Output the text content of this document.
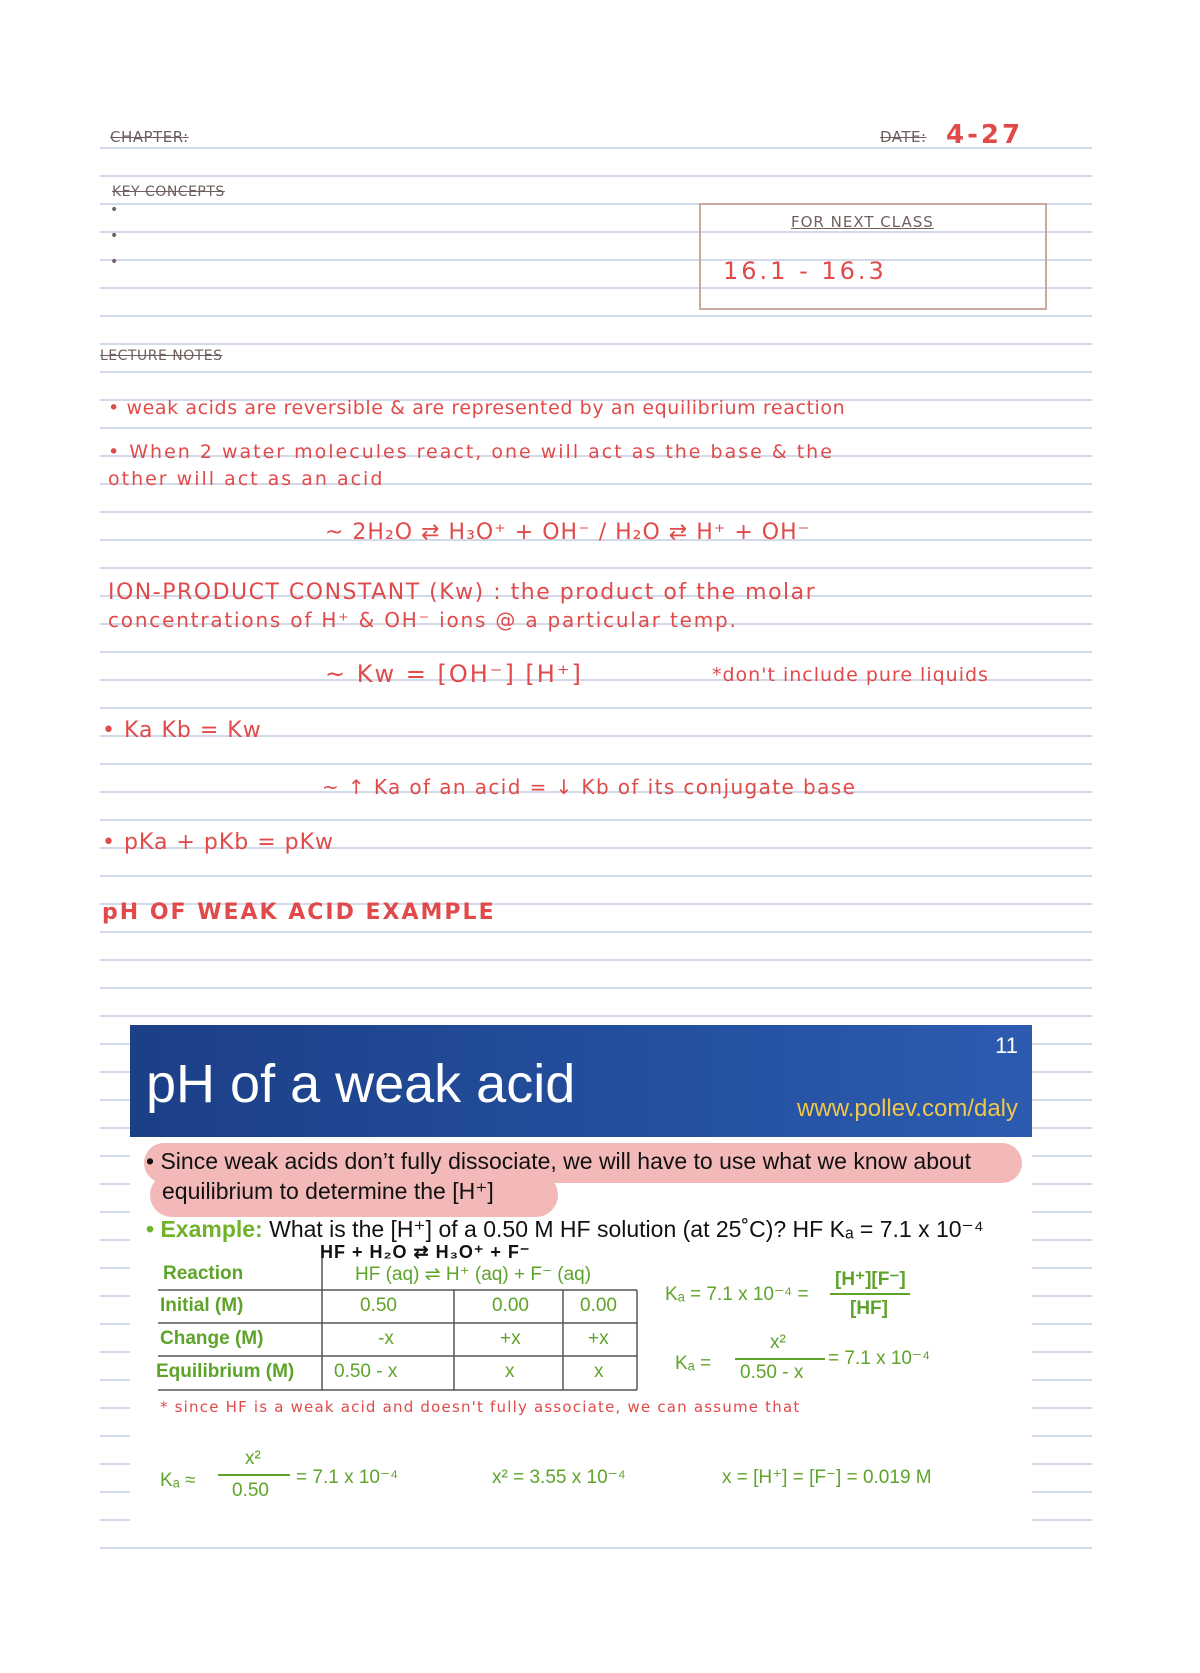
CHAPTER:	DATE: 4-27
KEY CONCEPTS
•
•
•
FOR NEXT CLASS
16.1 - 16.3
LECTURE NOTES
• weak acids are reversible & are represented by an equilibrium reaction
• When 2 water molecules react, one will act as the base & the
other will act as an acid
~ 2H₂O ⇄ H₃O⁺ + OH⁻ / H₂O ⇄ H⁺ + OH⁻
ION-PRODUCT CONSTANT (Kw) : the product of the molar
concentrations of H⁺ & OH⁻ ions @ a particular temp.
~ Kw = [OH⁻] [H⁺]	*don't include pure liquids
• Ka Kb = Kw
~ ↑ Ka of an acid = ↓ Kb of its conjugate base
• pKa + pKb = pKw
pH OF WEAK ACID EXAMPLE
pH of a weak acid
11
www.pollev.com/daly
• Since weak acids don’t fully dissociate, we will have to use what we know about
equilibrium to determine the [H⁺]
• Example: What is the [H⁺] of a 0.50 M HF solution (at 25˚C)? HF Kₐ = 7.1 x 10⁻⁴
HF + H₂O ⇄ H₃O⁺ + F⁻
Reaction	HF (aq) ⇌ H⁺ (aq) + F⁻ (aq)
Initial (M)	0.50	0.00	0.00
Change (M)	-x	+x	+x
Equilibrium (M) 0.50 - x	x	x
Kₐ = 7.1 x 10⁻⁴ =
[H⁺][F⁻]
[HF]
Kₐ =
x²
0.50 - x
= 7.1 x 10⁻⁴
* since HF is a weak acid and doesn't fully associate, we can assume that
Kₐ ≈
x²
0.50
= 7.1 x 10⁻⁴	x² = 3.55 x 10⁻⁴	x = [H⁺] = [F⁻] = 0.019 M
